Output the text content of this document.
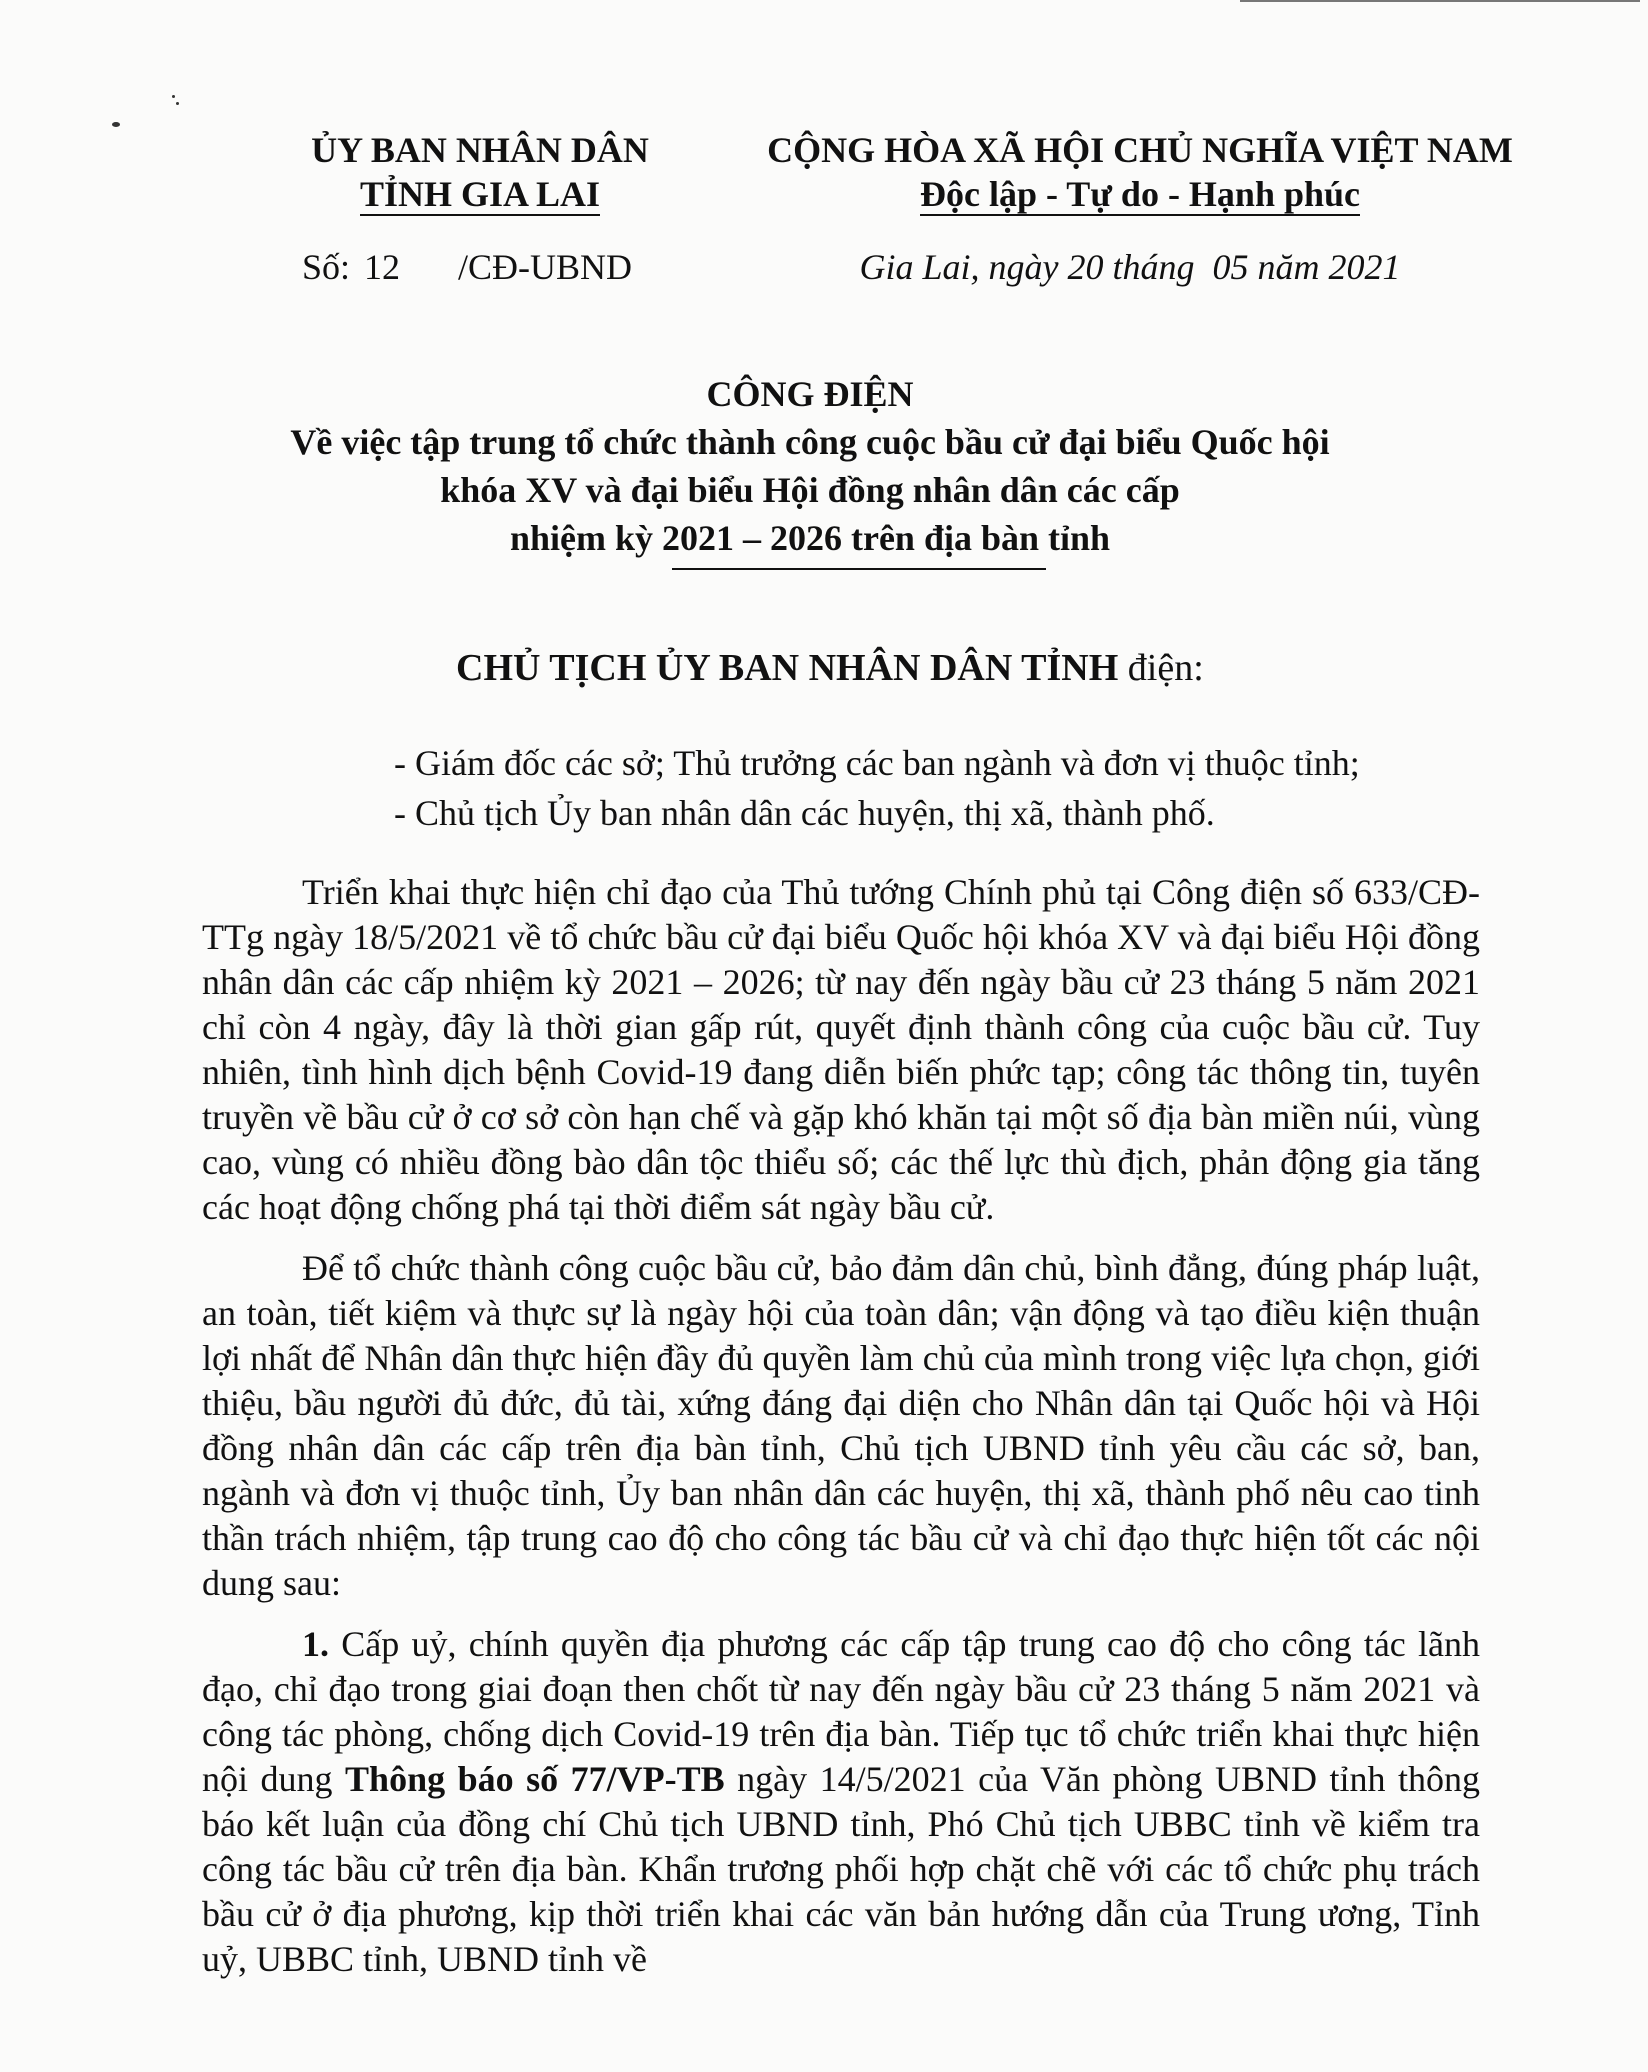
ỦY BAN NHÂN DÂN
TỈNH GIA LAI
Số: 12 /CĐ-UBND
CỘNG HÒA XÃ HỘI CHỦ NGHĨA VIỆT NAM
Độc lập - Tự do - Hạnh phúc
Gia Lai, ngày 20 tháng  05 năm 2021
CÔNG ĐIỆN
Về việc tập trung tổ chức thành công cuộc bầu cử đại biểu Quốc hội
khóa XV và đại biểu Hội đồng nhân dân các cấp
nhiệm kỳ 2021 – 2026 trên địa bàn tỉnh
CHỦ TỊCH ỦY BAN NHÂN DÂN TỈNH điện:
- Giám đốc các sở; Thủ trưởng các ban ngành và đơn vị thuộc tỉnh;
- Chủ tịch Ủy ban nhân dân các huyện, thị xã, thành phố.

Triển khai thực hiện chỉ đạo của Thủ tướng Chính phủ tại Công điện số 633/CĐ-TTg ngày 18/5/2021 về tổ chức bầu cử đại biểu Quốc hội khóa XV và đại biểu Hội đồng nhân dân các cấp nhiệm kỳ 2021 – 2026; từ nay đến ngày bầu cử 23 tháng 5 năm 2021 chỉ còn 4 ngày, đây là thời gian gấp rút, quyết định thành công của cuộc bầu cử. Tuy nhiên, tình hình dịch bệnh Covid-19 đang diễn biến phức tạp; công tác thông tin, tuyên truyền về bầu cử ở cơ sở còn hạn chế và gặp khó khăn tại một số địa bàn miền núi, vùng cao, vùng có nhiều đồng bào dân tộc thiểu số; các thế lực thù địch, phản động gia tăng các hoạt động chống phá tại thời điểm sát ngày bầu cử.

Để tổ chức thành công cuộc bầu cử, bảo đảm dân chủ, bình đẳng, đúng pháp luật, an toàn, tiết kiệm và thực sự là ngày hội của toàn dân; vận động và tạo điều kiện thuận lợi nhất để Nhân dân thực hiện đầy đủ quyền làm chủ của mình trong việc lựa chọn, giới thiệu, bầu người đủ đức, đủ tài, xứng đáng đại diện cho Nhân dân tại Quốc hội và Hội đồng nhân dân các cấp trên địa bàn tỉnh, Chủ tịch UBND tỉnh yêu cầu các sở, ban, ngành và đơn vị thuộc tỉnh, Ủy ban nhân dân các huyện, thị xã, thành phố nêu cao tinh thần trách nhiệm, tập trung cao độ cho công tác bầu cử và chỉ đạo thực hiện tốt các nội dung sau:

1. Cấp uỷ, chính quyền địa phương các cấp tập trung cao độ cho công tác lãnh đạo, chỉ đạo trong giai đoạn then chốt từ nay đến ngày bầu cử 23 tháng 5 năm 2021 và công tác phòng, chống dịch Covid-19 trên địa bàn. Tiếp tục tổ chức triển khai thực hiện nội dung Thông báo số 77/VP-TB ngày 14/5/2021 của Văn phòng UBND tỉnh thông báo kết luận của đồng chí Chủ tịch UBND tỉnh, Phó Chủ tịch UBBC tỉnh về kiểm tra công tác bầu cử trên địa bàn. Khẩn trương phối hợp chặt chẽ với các tổ chức phụ trách bầu cử ở địa phương, kịp thời triển khai các văn bản hướng dẫn của Trung ương, Tỉnh uỷ, UBBC tỉnh, UBND tỉnh về
